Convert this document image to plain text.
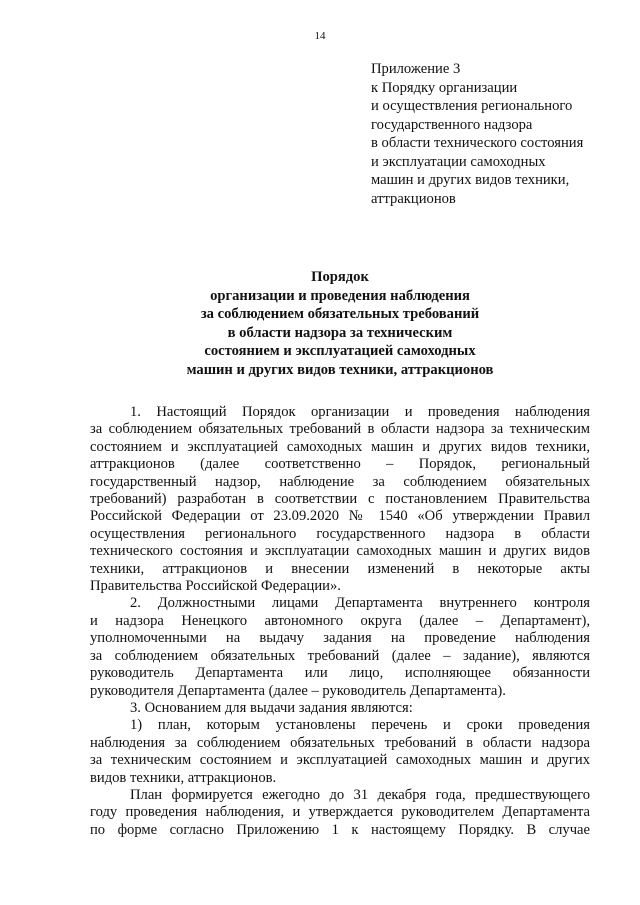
14
Приложение 3
к Порядку организации
и осуществления регионального
государственного надзора
в области технического состояния
и эксплуатации самоходных
машин и других видов техники,
аттракционов
Порядок
организации и проведения наблюдения
за соблюдением обязательных требований
в области надзора за техническим
состоянием и эксплуатацией самоходных
машин и других видов техники, аттракционов
1. Настоящий Порядок организации и проведения наблюдения
за соблюдением обязательных требований в области надзора за техническим
состоянием и эксплуатацией самоходных машин и других видов техники,
аттракционов (далее соответственно – Порядок, региональный
государственный надзор, наблюдение за соблюдением обязательных
требований) разработан в соответствии с постановлением Правительства
Российской Федерации от 23.09.2020 № 1540 «Об утверждении Правил
осуществления регионального государственного надзора в области
технического состояния и эксплуатации самоходных машин и других видов
техники, аттракционов и внесении изменений в некоторые акты
Правительства Российской Федерации».
2. Должностными лицами Департамента внутреннего контроля
и надзора Ненецкого автономного округа (далее – Департамент),
уполномоченными на выдачу задания на проведение наблюдения
за соблюдением обязательных требований (далее – задание), являются
руководитель Департамента или лицо, исполняющее обязанности
руководителя Департамента (далее – руководитель Департамента).
3. Основанием для выдачи задания являются:
1) план, которым установлены перечень и сроки проведения
наблюдения за соблюдением обязательных требований в области надзора
за техническим состоянием и эксплуатацией самоходных машин и других
видов техники, аттракционов.
План формируется ежегодно до 31 декабря года, предшествующего
году проведения наблюдения, и утверждается руководителем Департамента
по форме согласно Приложению 1 к настоящему Порядку. В случае
